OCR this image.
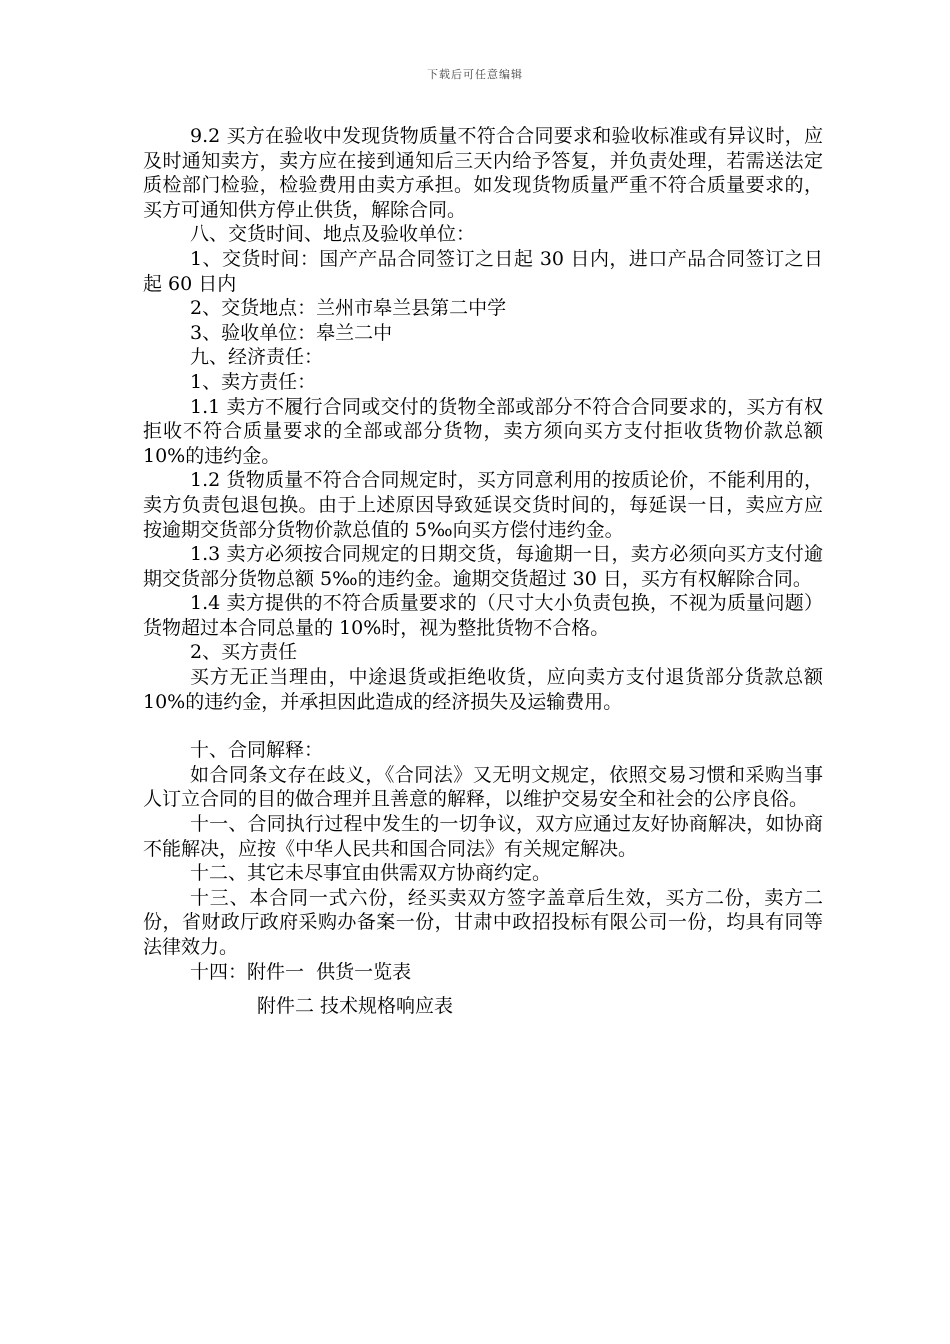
下载后可任意编辑

9.2 买方在验收中发现货物质量不符合合同要求和验收标准或有异议时，应及时通知卖方，卖方应在接到通知后三天内给予答复，并负责处理，若需送法定质检部门检验，检验费用由卖方承担。如发现货物质量严重不符合质量要求的，买方可通知供方停止供货，解除合同。

八、交货时间、地点及验收单位：

1、交货时间：国产产品合同签订之日起 30 日内，进口产品合同签订之日起 60 日内

2、交货地点：兰州市皋兰县第二中学

3、验收单位：皋兰二中

九、经济责任：

1、卖方责任：

1.1 卖方不履行合同或交付的货物全部或部分不符合合同要求的，买方有权拒收不符合质量要求的全部或部分货物，卖方须向买方支付拒收货物价款总额 10%的违约金。

1.2 货物质量不符合合同规定时，买方同意利用的按质论价，不能利用的，卖方负责包退包换。由于上述原因导致延误交货时间的，每延误一日，卖应方应按逾期交货部分货物价款总值的 5‰向买方偿付违约金。

1.3 卖方必须按合同规定的日期交货，每逾期一日，卖方必须向买方支付逾期交货部分货物总额 5‰的违约金。逾期交货超过 30 日，买方有权解除合同。

1.4 卖方提供的不符合质量要求的（尺寸大小负责包换，不视为质量问题）货物超过本合同总量的 10%时，视为整批货物不合格。

2、买方责任

买方无正当理由，中途退货或拒绝收货，应向卖方支付退货部分货款总额 10%的违约金，并承担因此造成的经济损失及运输费用。

十、合同解释：

如合同条文存在歧义，《合同法》又无明文规定，依照交易习惯和采购当事人订立合同的目的做合理并且善意的解释，以维护交易安全和社会的公序良俗。

十一、合同执行过程中发生的一切争议，双方应通过友好协商解决，如协商不能解决，应按《中华人民共和国合同法》有关规定解决。

十二、其它未尽事宜由供需双方协商约定。

十三、本合同一式六份，经买卖双方签字盖章后生效，买方二份，卖方二份，省财政厅政府采购办备案一份，甘肃中政招投标有限公司一份，均具有同等法律效力。

十四：附件一  供货一览表

附件二 技术规格响应表
